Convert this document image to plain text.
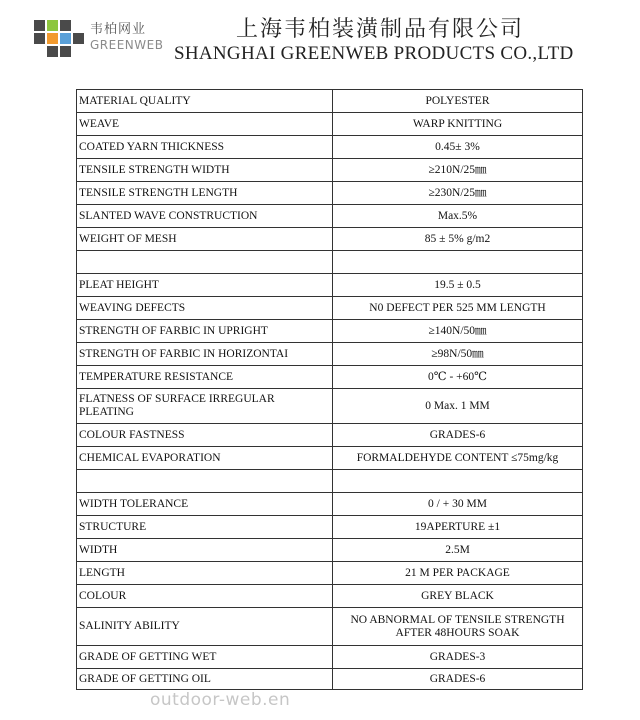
韦柏网业
GREENWEB
上海韦柏装潢制品有限公司
SHANGHAI GREENWEB PRODUCTS CO.,LTD
MATERIAL QUALITY	POLYESTER
WEAVE	WARP KNITTING
COATED YARN THICKNESS	0.45± 3%
TENSILE STRENGTH WIDTH	≥210N/25㎜
TENSILE STRENGTH LENGTH	≥230N/25㎜
SLANTED WAVE CONSTRUCTION	Max.5%
WEIGHT OF MESH	85 ± 5% g/m2

PLEAT HEIGHT	19.5 ± 0.5
WEAVING DEFECTS	N0 DEFECT PER 525 MM LENGTH
STRENGTH OF FARBIC IN UPRIGHT	≥140N/50㎜
STRENGTH OF FARBIC IN HORIZONTAI	≥98N/50㎜
TEMPERATURE RESISTANCE	0℃ - +60℃
FLATNESS OF SURFACE IRREGULAR PLEATING	0 Max. 1 MM
COLOUR FASTNESS	GRADES-6
CHEMICAL EVAPORATION	FORMALDEHYDE CONTENT ≤75mg/kg

WIDTH TOLERANCE	0 / + 30 MM
STRUCTURE	19APERTURE ±1
WIDTH	2.5M
LENGTH	21 M PER PACKAGE
COLOUR	GREY BLACK
SALINITY ABILITY	NO ABNORMAL OF TENSILE STRENGTH AFTER 48HOURS SOAK
GRADE OF GETTING WET	GRADES-3
GRADE OF GETTING OIL	GRADES-6
outdoor-web.en
